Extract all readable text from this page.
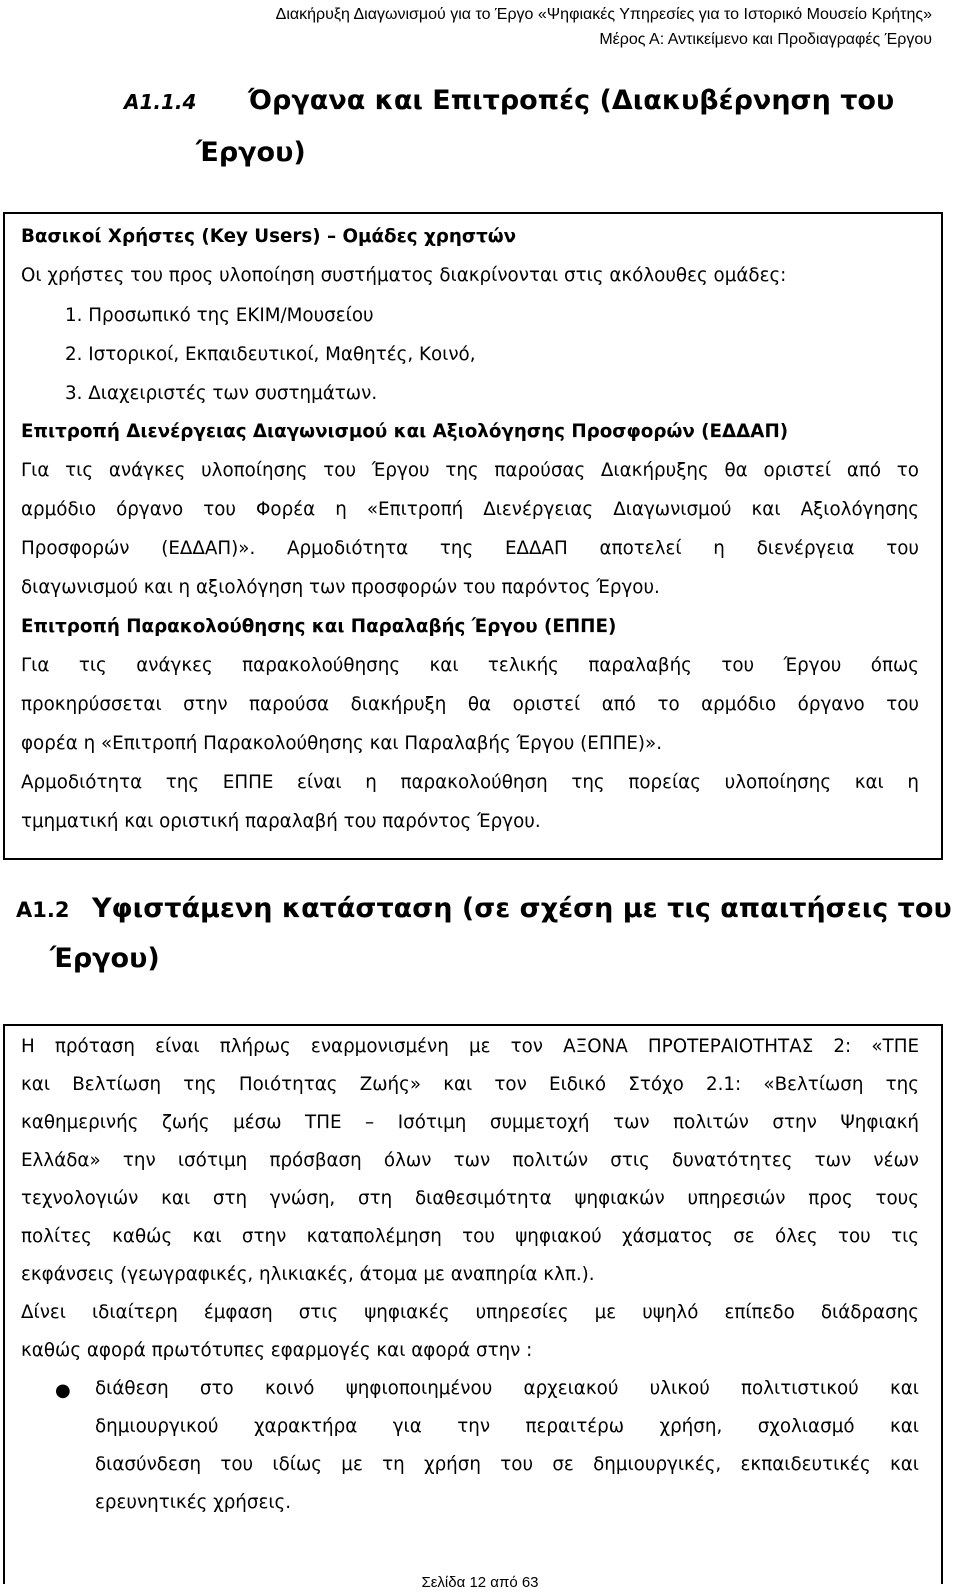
Διακήρυξη Διαγωνισμού για το Έργο «Ψηφιακές Υπηρεσίες για το Ιστορικό Μουσείο Κρήτης»
Μέρος Α: Αντικείμενο και Προδιαγραφές Έργου
Α1.1.4 Όργανα και Επιτροπές (Διακυβέρνηση του
Έργου)
Βασικοί Χρήστες (Key Users) – Ομάδες χρηστών
Οι χρήστες του προς υλοποίηση συστήματος διακρίνονται στις ακόλουθες ομάδες:
1. Προσωπικό της ΕΚΙΜ/Μουσείου
2. Ιστορικοί, Εκπαιδευτικοί, Μαθητές, Κοινό,
3. Διαχειριστές των συστημάτων.
Επιτροπή Διενέργειας Διαγωνισμού και Αξιολόγησης Προσφορών (ΕΔΔΑΠ)
Για τις ανάγκες υλοποίησης του Έργου της παρούσας Διακήρυξης θα οριστεί από το
αρμόδιο όργανο του Φορέα η «Επιτροπή Διενέργειας Διαγωνισμού και Αξιολόγησης
Προσφορών (ΕΔΔΑΠ)». Αρμοδιότητα της ΕΔΔΑΠ αποτελεί η διενέργεια του
διαγωνισμού και η αξιολόγηση των προσφορών του παρόντος Έργου.
Επιτροπή Παρακολούθησης και Παραλαβής Έργου (ΕΠΠΕ)
Για τις ανάγκες παρακολούθησης και τελικής παραλαβής του Έργου όπως
προκηρύσσεται στην παρούσα διακήρυξη θα οριστεί από το αρμόδιο όργανο του
φορέα η «Επιτροπή Παρακολούθησης και Παραλαβής Έργου (ΕΠΠΕ)».
Αρμοδιότητα της ΕΠΠΕ είναι η παρακολούθηση της πορείας υλοποίησης και η
τμηματική και οριστική παραλαβή του παρόντος Έργου.
Α1.2 Υφιστάμενη κατάσταση (σε σχέση με τις απαιτήσεις του
Έργου)
Η πρόταση είναι πλήρως εναρμονισμένη με τον ΑΞΟΝΑ ΠΡΟΤΕΡΑΙΟΤΗΤΑΣ 2: «ΤΠΕ
και Βελτίωση της Ποιότητας Ζωής» και τον Ειδικό Στόχο 2.1: «Βελτίωση της
καθημερινής ζωής μέσω ΤΠΕ – Ισότιμη συμμετοχή των πολιτών στην Ψηφιακή
Ελλάδα» την ισότιμη πρόσβαση όλων των πολιτών στις δυνατότητες των νέων
τεχνολογιών και στη γνώση, στη διαθεσιμότητα ψηφιακών υπηρεσιών προς τους
πολίτες καθώς και στην καταπολέμηση του ψηφιακού χάσματος σε όλες του τις
εκφάνσεις (γεωγραφικές, ηλικιακές, άτομα με αναπηρία κλπ.).
Δίνει ιδιαίτερη έμφαση στις ψηφιακές υπηρεσίες με υψηλό επίπεδο διάδρασης
καθώς αφορά πρωτότυπες εφαρμογές και αφορά στην :
● διάθεση στο κοινό ψηφιοποιημένου αρχειακού υλικού πολιτιστικού και
δημιουργικού χαρακτήρα για την περαιτέρω χρήση, σχολιασμό και
διασύνδεση του ιδίως με τη χρήση του σε δημιουργικές, εκπαιδευτικές και
ερευνητικές χρήσεις.
Σελίδα 12 από 63
